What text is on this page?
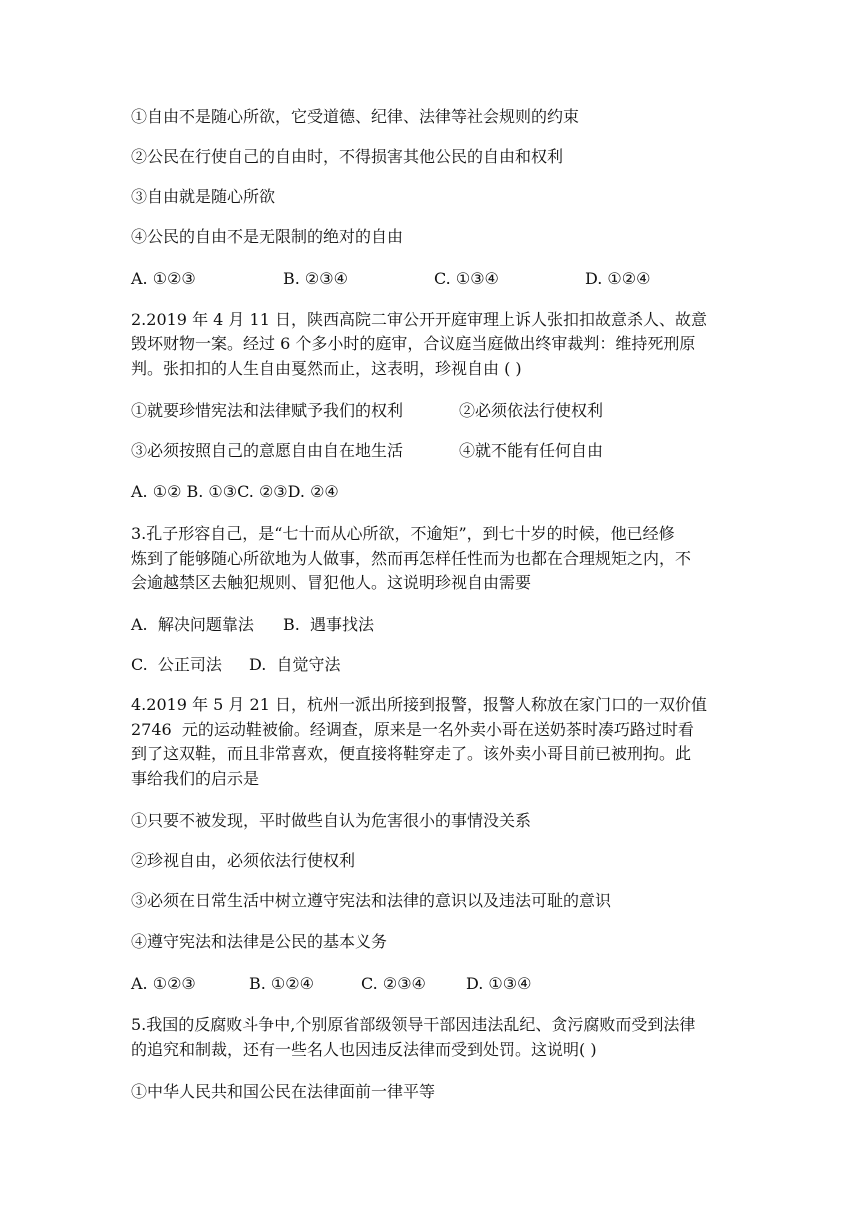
①自由不是随心所欲，它受道德、纪律、法律等社会规则的约束
②公民在行使自己的自由时，不得损害其他公民的自由和权利
③自由就是随心所欲
④公民的自由不是无限制的绝对的自由
A. ①②③	B. ②③④	C. ①③④	D. ①②④
2.2019 年 4 月 11 日，陕西高院二审公开开庭审理上诉人张扣扣故意杀人、故意
毁坏财物一案。经过 6 个多小时的庭审，合议庭当庭做出终审裁判：维持死刑原
判。张扣扣的人生自由戛然而止，这表明，珍视自由 ( )
①就要珍惜宪法和法律赋予我们的权利	②必须依法行使权利
③必须按照自己的意愿自由自在地生活	④就不能有任何自由
A. ①② B. ①③C. ②③D. ②④
3.孔子形容自己，是“七十而从心所欲，不逾矩”，到七十岁的时候，他已经修
炼到了能够随心所欲地为人做事，然而再怎样任性而为也都在合理规矩之内，不
会逾越禁区去触犯规则、冒犯他人。这说明珍视自由需要
A.  解决问题靠法 B.  遇事找法
C.  公正司法 D.  自觉守法
4.2019 年 5 月 21 日，杭州一派出所接到报警，报警人称放在家门口的一双价值
2746  元的运动鞋被偷。经调查，原来是一名外卖小哥在送奶茶时凑巧路过时看
到了这双鞋，而且非常喜欢，便直接将鞋穿走了。该外卖小哥目前已被刑拘。此
事给我们的启示是
①只要不被发现，平时做些自认为危害很小的事情没关系
②珍视自由，必须依法行使权利
③必须在日常生活中树立遵守宪法和法律的意识以及违法可耻的意识
④遵守宪法和法律是公民的基本义务
A. ①②③	B. ①②④	C. ②③④	D. ①③④
5.我国的反腐败斗争中,个别原省部级领导干部因违法乱纪、贪污腐败而受到法律
的追究和制裁，还有一些名人也因违反法律而受到处罚。这说明( )
①中华人民共和国公民在法律面前一律平等
